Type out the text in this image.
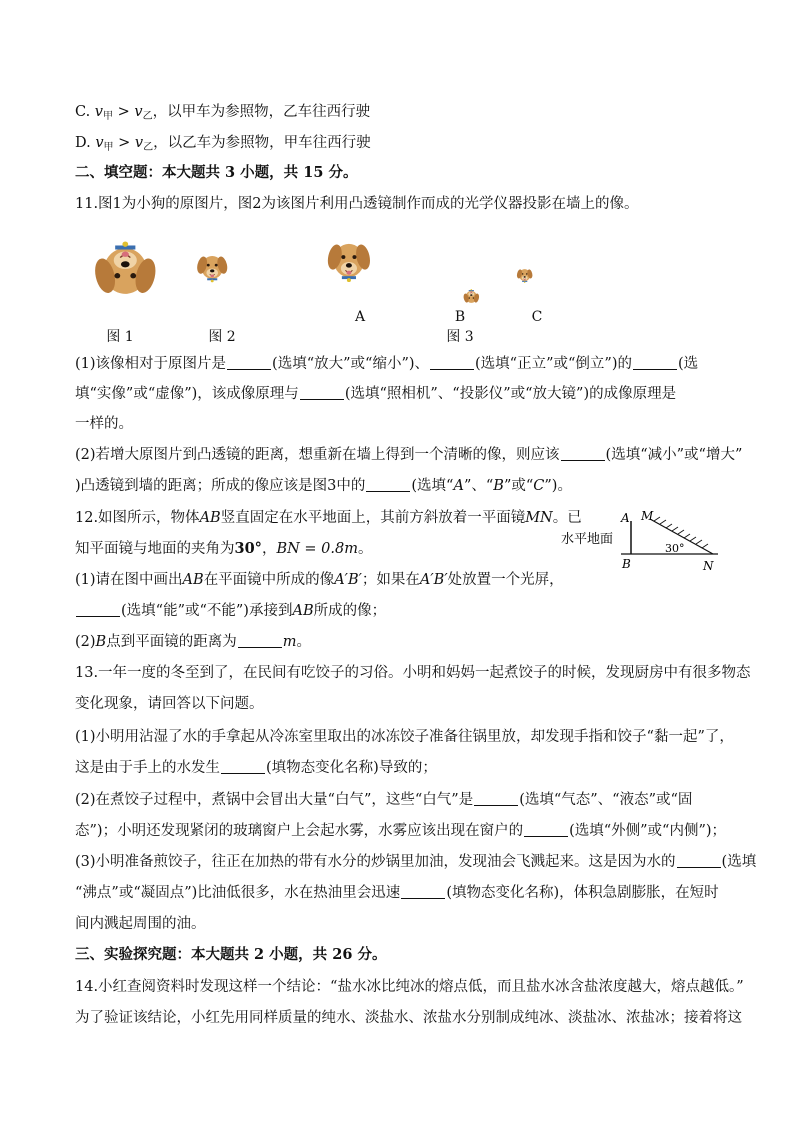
C. $v_甲 > v_乙$，以甲车为参照物，乙车往西行驶
D. $v_甲 > v_乙$，以乙车为参照物，甲车往西行驶
二、填空题：本大题共 3 小题，共 15 分。
11.图1为小狗的原图片，图2为该图片利用凸透镜制作而成的光学仪器投影在墙上的像。
图 1	图 2
A	B
图 3
C
(1)该像相对于原图片是	(选填“放大”或“缩小”)、	(选填“正立”或“倒立”)的	(选
填“实像”或“虚像”)，该成像原理与	(选填“照相机”、“投影仪”或“放大镜”)的成像原理是
一样的。
(2)若增大原图片到凸透镜的距离，想重新在墙上得到一个清晰的像，则应该	(选填“减小”或“增大”
)凸透镜到墙的距离；所成的像应该是图3中的	(选填“A”、“B”或“C”)。
12.如图所示，物体AB竖直固定在水平地面上，其前方斜放着一平面镜MN。已
知平面镜与地面的夹角为30°，BN = 0.8m。
水平地面
A
B
M
N
30°
(1)请在图中画出AB在平面镜中所成的像A′B′；如果在A′B′处放置一个光屏，
(选填“能”或“不能”)承接到AB所成的像；
(2)B点到平面镜的距离为	m。
13.一年一度的冬至到了，在民间有吃饺子的习俗。小明和妈妈一起煮饺子的时候，发现厨房中有很多物态
变化现象，请回答以下问题。
(1)小明用沾湿了水的手拿起从冷冻室里取出的冰冻饺子准备往锅里放，却发现手指和饺子“黏一起”了，
这是由于手上的水发生	(填物态变化名称)导致的；
(2)在煮饺子过程中，煮锅中会冒出大量“白气”，这些“白气”是	(选填“气态”、“液态”或“固
态”)；小明还发现紧闭的玻璃窗户上会起水雾，水雾应该出现在窗户的	(选填“外侧”或“内侧”)；
(3)小明准备煎饺子，往正在加热的带有水分的炒锅里加油，发现油会飞溅起来。这是因为水的	(选填
“沸点”或“凝固点”)比油低很多，水在热油里会迅速	(填物态变化名称)，体积急剧膨胀，在短时
间内溅起周围的油。
三、实验探究题：本大题共 2 小题，共 26 分。
14.小红查阅资料时发现这样一个结论：“盐水冰比纯冰的熔点低，而且盐水冰含盐浓度越大，熔点越低。”
为了验证该结论，小红先用同样质量的纯水、淡盐水、浓盐水分别制成纯冰、淡盐冰、浓盐冰；接着将这
